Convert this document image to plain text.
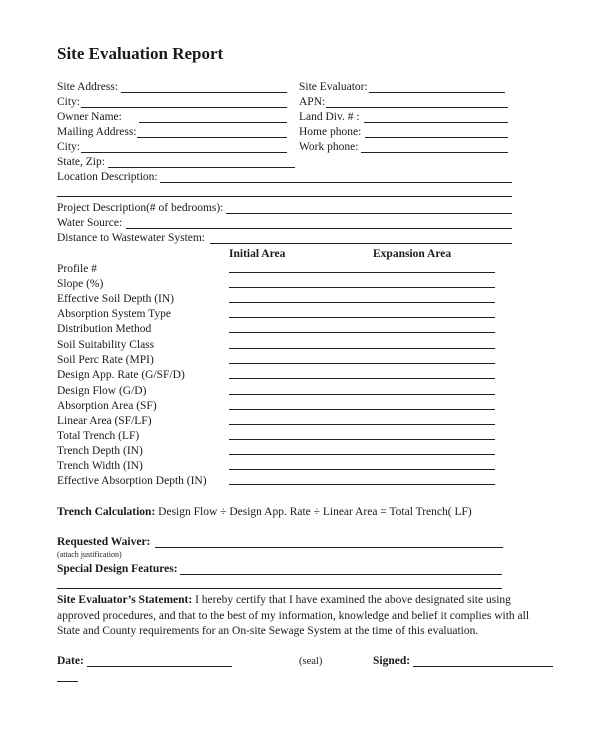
Site Evaluation Report
Site Address:
City:
Owner Name:
Mailing Address:
City:
State, Zip:
Site Evaluator:
APN:
Land Div. # :
Home phone:
Work phone:
Location Description:
Project Description(# of bedrooms):
Water Source:
Distance to Wastewater System:
Initial Area	Expansion Area
Profile #
Slope (%)
Effective Soil Depth (IN)
Absorption System Type
Distribution Method
Soil Suitability Class
Soil Perc Rate (MPI)
Design App. Rate (G/SF/D)
Design Flow (G/D)
Absorption Area (SF)
Linear Area (SF/LF)
Total Trench (LF)
Trench Depth (IN)
Trench Width (IN)
Effective Absorption Depth (IN)
Trench Calculation: Design Flow ÷ Design App. Rate ÷ Linear Area = Total Trench( LF)
Requested Waiver:
(attach justification)
Special Design Features:
Site Evaluator’s Statement: I hereby certify that I have examined the above designated site using
approved procedures, and that to the best of my information, knowledge and belief it complies with all
State and County requirements for an On-site Sewage System at the time of this evaluation.
Date:	(seal)	Signed:
